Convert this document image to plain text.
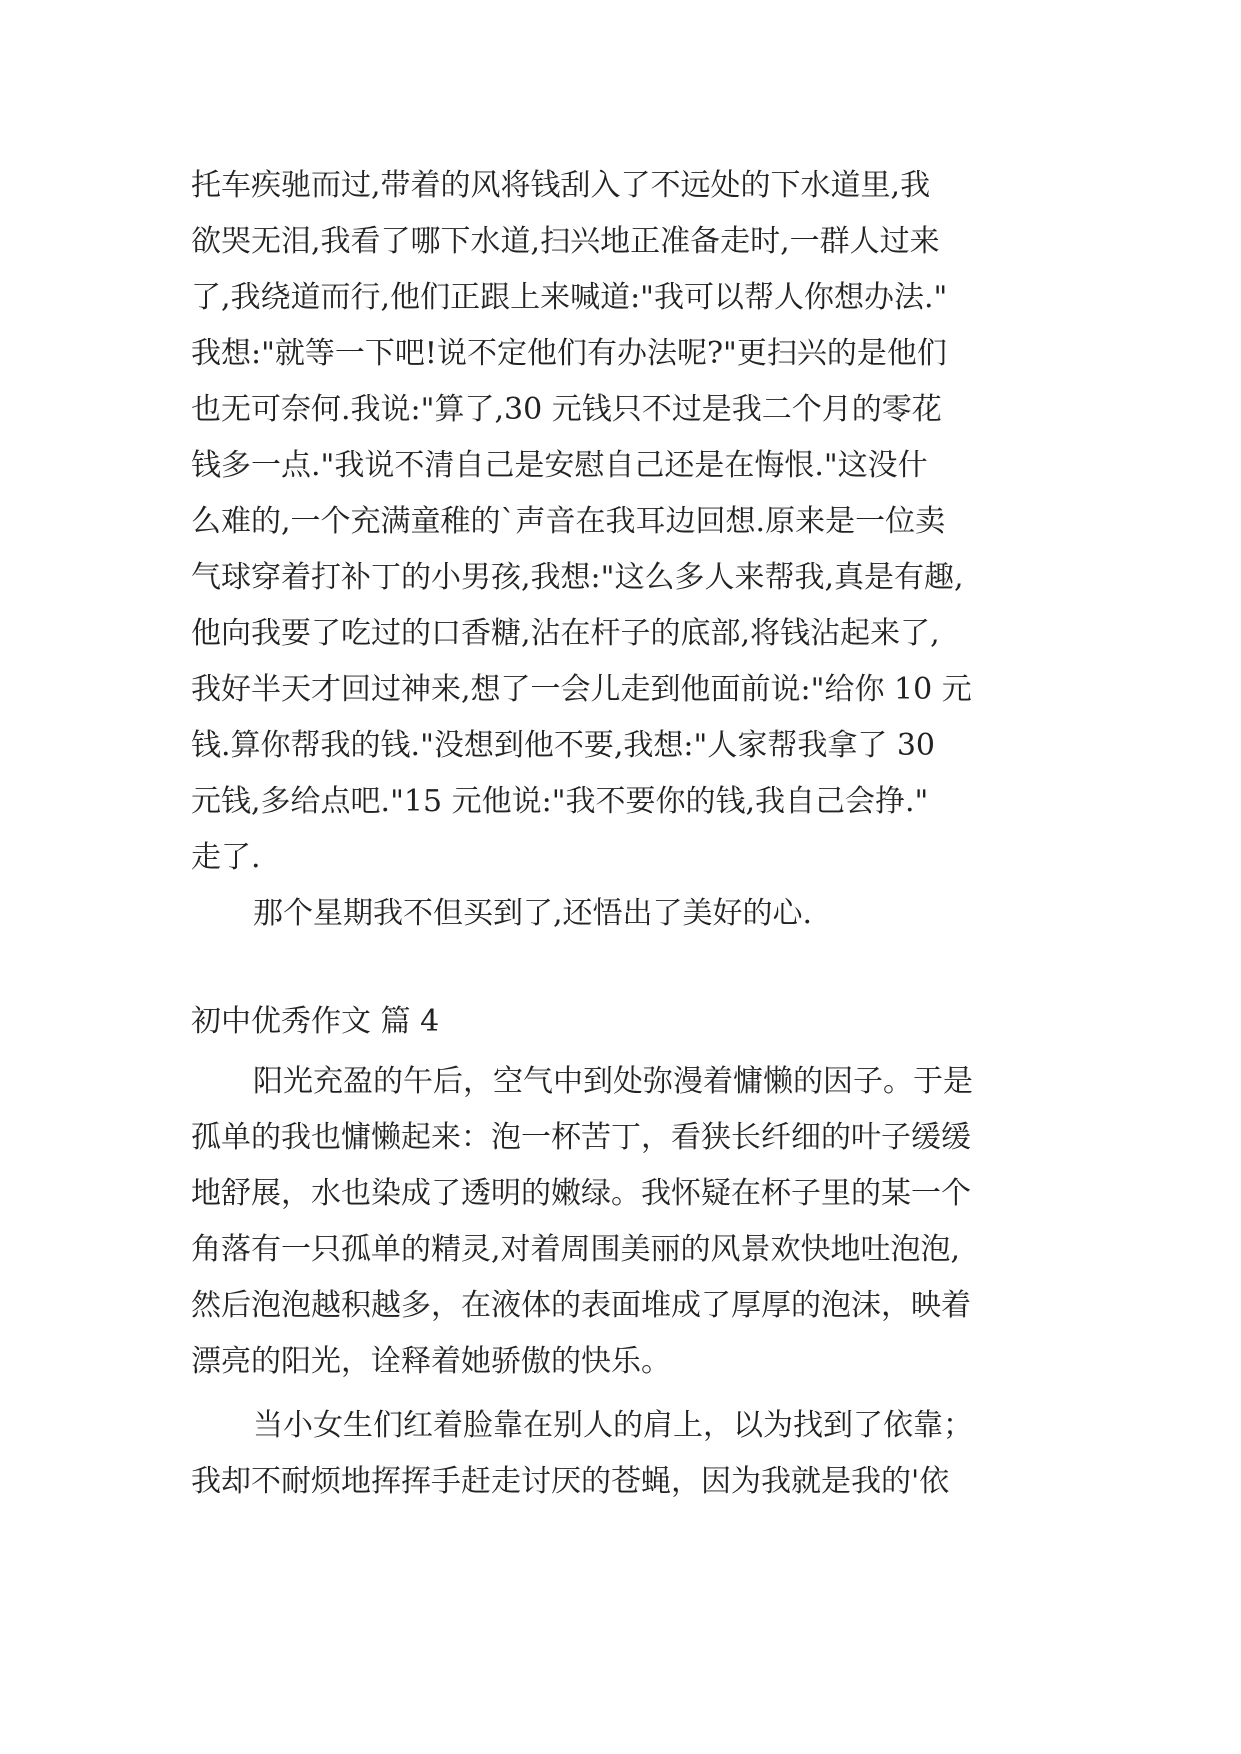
托车疾驰而过,带着的风将钱刮入了不远处的下水道里,我
欲哭无泪,我看了哪下水道,扫兴地正准备走时,一群人过来
了,我绕道而行,他们正跟上来喊道:"我可以帮人你想办法."
我想:"就等一下吧!说不定他们有办法呢?"更扫兴的是他们
也无可奈何.我说:"算了,30 元钱只不过是我二个月的零花
钱多一点."我说不清自己是安慰自己还是在悔恨."这没什
么难的,一个充满童稚的`声音在我耳边回想.原来是一位卖
气球穿着打补丁的小男孩,我想:"这么多人来帮我,真是有趣,
他向我要了吃过的口香糖,沾在杆子的底部,将钱沾起来了,
我好半天才回过神来,想了一会儿走到他面前说:"给你 10 元
钱.算你帮我的钱."没想到他不要,我想:"人家帮我拿了 30
元钱,多给点吧."15 元他说:"我不要你的钱,我自己会挣."
走了.
那个星期我不但买到了,还悟出了美好的心.
初中优秀作文 篇 4
阳光充盈的午后，空气中到处弥漫着慵懒的因子。于是
孤单的我也慵懒起来：泡一杯苦丁，看狭长纤细的叶子缓缓
地舒展，水也染成了透明的嫩绿。我怀疑在杯子里的某一个
角落有一只孤单的精灵,对着周围美丽的风景欢快地吐泡泡,
然后泡泡越积越多，在液体的表面堆成了厚厚的泡沫，映着
漂亮的阳光，诠释着她骄傲的快乐。
当小女生们红着脸靠在别人的肩上，以为找到了依靠；
我却不耐烦地挥挥手赶走讨厌的苍蝇，因为我就是我的'依
